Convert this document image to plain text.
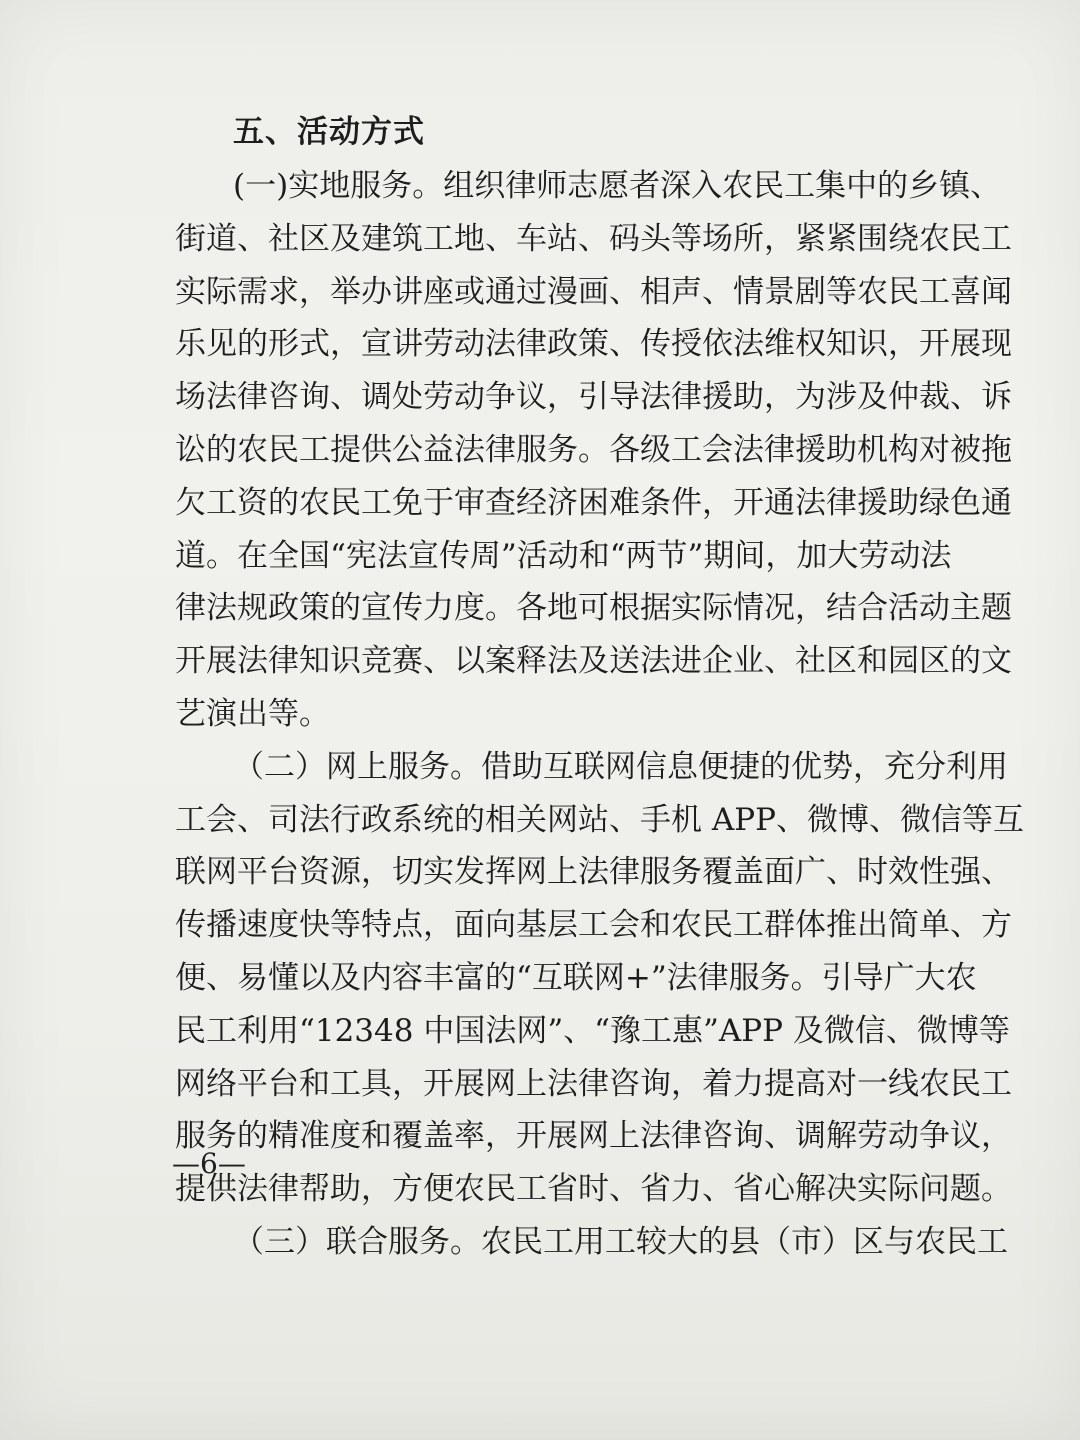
五、活动方式
(一)实地服务。组织律师志愿者深入农民工集中的乡镇、
街道、社区及建筑工地、车站、码头等场所，紧紧围绕农民工
实际需求，举办讲座或通过漫画、相声、情景剧等农民工喜闻
乐见的形式，宣讲劳动法律政策、传授依法维权知识，开展现
场法律咨询、调处劳动争议，引导法律援助，为涉及仲裁、诉
讼的农民工提供公益法律服务。各级工会法律援助机构对被拖
欠工资的农民工免于审查经济困难条件，开通法律援助绿色通
道。在全国“宪法宣传周”活动和“两节”期间，加大劳动法
律法规政策的宣传力度。各地可根据实际情况，结合活动主题
开展法律知识竞赛、以案释法及送法进企业、社区和园区的文
艺演出等。
（二）网上服务。借助互联网信息便捷的优势，充分利用
工会、司法行政系统的相关网站、手机 APP、微博、微信等互
联网平台资源，切实发挥网上法律服务覆盖面广、时效性强、
传播速度快等特点，面向基层工会和农民工群体推出简单、方
便、易懂以及内容丰富的“互联网+”法律服务。引导广大农
民工利用“12348 中国法网”、“豫工惠”APP 及微信、微博等
网络平台和工具，开展网上法律咨询，着力提高对一线农民工
服务的精准度和覆盖率，开展网上法律咨询、调解劳动争议，
提供法律帮助，方便农民工省时、省力、省心解决实际问题。
（三）联合服务。农民工用工较大的县（市）区与农民工
—6—
